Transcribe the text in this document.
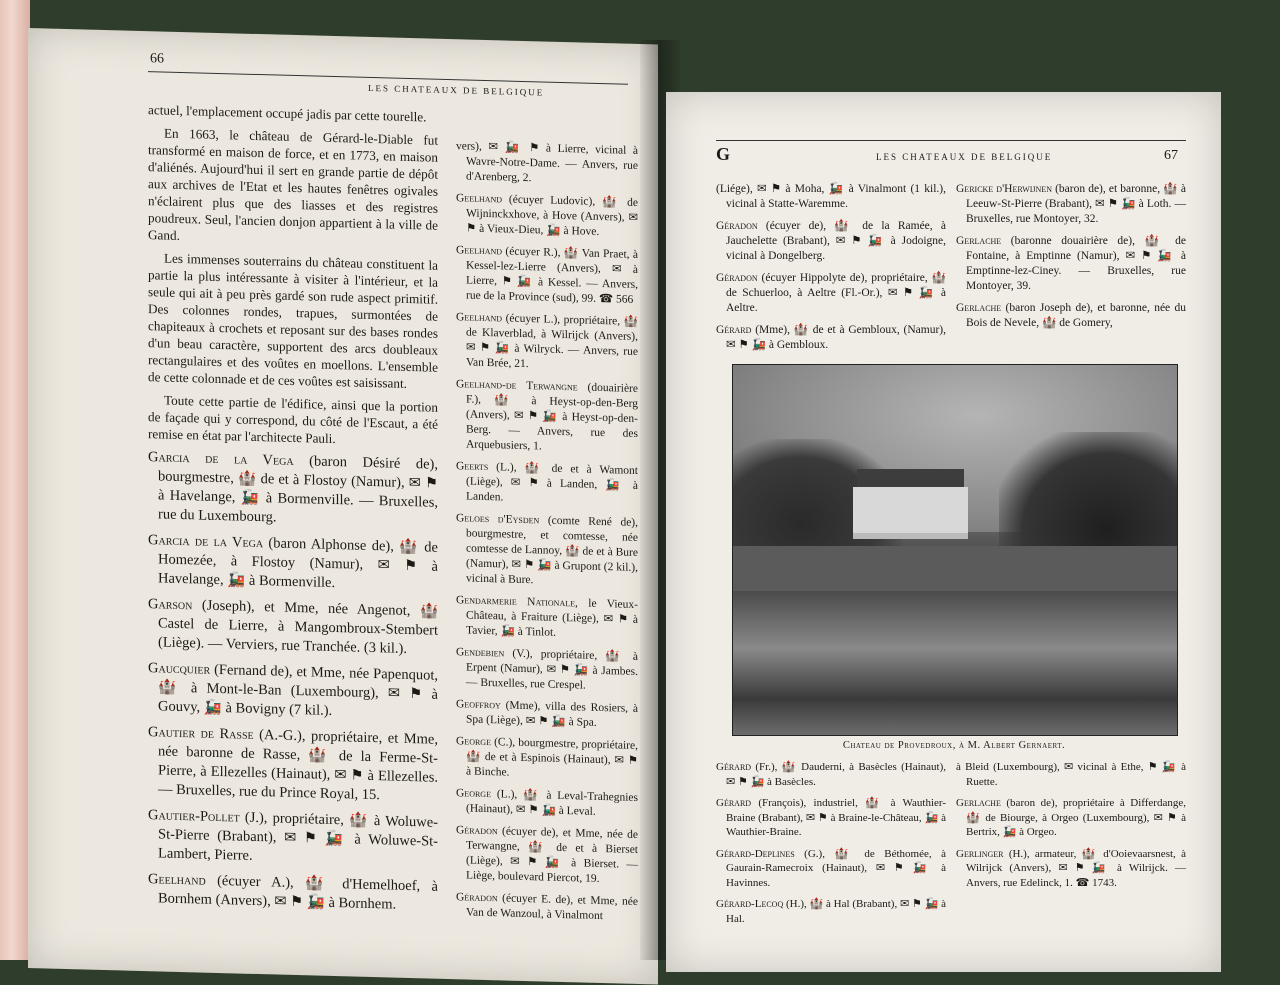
66
LES CHATEAUX DE BELGIQUE

actuel, l'emplacement occupé jadis par cette tourelle.

En 1663, le château de Gérard-le-Diable fut transformé en maison de force, et en 1773, en maison d'aliénés. Aujourd'hui il sert en grande partie de dépôt aux archives de l'Etat et les hautes fenêtres ogivales n'éclairent plus que des liasses et des registres poudreux. Seul, l'ancien donjon appartient à la ville de Gand.

Les immenses souterrains du château constituent la partie la plus intéressante à visiter à l'intérieur, et la seule qui ait à peu près gardé son rude aspect primitif. Des colonnes rondes, trapues, surmontées de chapiteaux à crochets et reposant sur des bases rondes d'un beau caractère, supportent des arcs doubleaux rectangulaires et des voûtes en moellons. L'ensemble de cette colonnade et de ces voûtes est saisissant.

Toute cette partie de l'édifice, ainsi que la portion de façade qui y correspond, du côté de l'Escaut, a été remise en état par l'architecte Pauli.

Garcia de la Vega (baron Désiré de), bourgmestre, 🏰 de et à Flostoy (Namur), ✉ ⚑ à Havelange, 🚂 à Bormenville. — Bruxelles, rue du Luxembourg.

Garcia de la Vega (baron Alphonse de), 🏰 de Homezée, à Flostoy (Namur), ✉ ⚑ à Havelange, 🚂 à Bormenville.

Garson (Joseph), et Mme, née Angenot, 🏰 Castel de Lierre, à Mangombroux-Stembert (Liège). — Verviers, rue Tranchée. (3 kil.).

Gaucquier (Fernand de), et Mme, née Papenquot, 🏰 à Mont-le-Ban (Luxembourg), ✉ ⚑ à Gouvy, 🚂 à Bovigny (7 kil.).

Gautier de Rasse (A.-G.), propriétaire, et Mme, née baronne de Rasse, 🏰 de la Ferme-St-Pierre, à Ellezelles (Hainaut), ✉ ⚑ à Ellezelles. — Bruxelles, rue du Prince Royal, 15.

Gautier-Pollet (J.), propriétaire, 🏰 à Woluwe-St-Pierre (Brabant), ✉ ⚑ 🚂 à Woluwe-St-Lambert, Pierre.

Geelhand (écuyer A.), 🏰 d'Hemelhoef, à Bornhem (Anvers), ✉ ⚑ 🚂 à Bornhem.

vers), ✉ 🚂 ⚑ à Lierre, vicinal à Wavre-Notre-Dame. — Anvers, rue d'Arenberg, 2.

Geelhand (écuyer Ludovic), 🏰 de Wijninckxhove, à Hove (Anvers), ✉ ⚑ à Vieux-Dieu, 🚂 à Hove.

Geelhand (écuyer R.), 🏰 Van Praet, à Kessel-lez-Lierre (Anvers), ✉ à Lierre, ⚑ 🚂 à Kessel. — Anvers, rue de la Province (sud), 99. ☎ 566

Geelhand (écuyer L.), propriétaire, 🏰 de Klaverblad, à Wilrijck (Anvers), ✉ ⚑ 🚂 à Wilryck. — Anvers, rue Van Brée, 21.

Geelhand-de Terwangne (douairière F.), 🏰 à Heyst-op-den-Berg (Anvers), ✉ ⚑ 🚂 à Heyst-op-den-Berg. — Anvers, rue des Arquebusiers, 1.

Geerts (L.), 🏰 de et à Wamont (Liège), ✉ ⚑ à Landen, 🚂 à Landen.

Geloes d'Eysden (comte René de), bourgmestre, et comtesse, née comtesse de Lannoy, 🏰 de et à Bure (Namur), ✉ ⚑ 🚂 à Grupont (2 kil.), vicinal à Bure.

Gendarmerie Nationale, le Vieux-Château, à Fraiture (Liège), ✉ ⚑ à Tavier, 🚂 à Tinlot.

Gendebien (V.), propriétaire, 🏰 à Erpent (Namur), ✉ ⚑ 🚂 à Jambes. — Bruxelles, rue Crespel.

Geoffroy (Mme), villa des Rosiers, à Spa (Liège), ✉ ⚑ 🚂 à Spa.

George (C.), bourgmestre, propriétaire, 🏰 de et à Espinois (Hainaut), ✉ ⚑ à Binche.

George (L.), 🏰 à Leval-Trahegnies (Hainaut), ✉ ⚑ 🚂 à Leval.

Géradon (écuyer de), et Mme, née de Terwangne, 🏰 de et à Bierset (Liège), ✉ ⚑ 🚂 à Bierset. — Liège, boulevard Piercot, 19.

Géradon (écuyer E. de), et Mme, née Van de Wanzoul, à Vinalmont

G	LES CHATEAUX DE BELGIQUE	67

(Liége), ✉ ⚑ à Moha, 🚂 à Vinalmont (1 kil.), vicinal à Statte-Waremme.

Géradon (écuyer de), 🏰 de la Ramée, à Jauchelette (Brabant), ✉ ⚑ 🚂 à Jodoigne, vicinal à Dongelberg.

Géradon (écuyer Hippolyte de), propriétaire, 🏰 de Schuerloo, à Aeltre (Fl.-Or.), ✉ ⚑ 🚂 à Aeltre.

Gérard (Mme), 🏰 de et à Gembloux, (Namur), ✉ ⚑ 🚂 à Gembloux.

Gericke d'Herwijnen (baron de), et baronne, 🏰 à Leeuw-St-Pierre (Brabant), ✉ ⚑ 🚂 à Loth. — Bruxelles, rue Montoyer, 32.

Gerlache (baronne douairière de), 🏰 de Fontaine, à Emptinne (Namur), ✉ ⚑ 🚂 à Emptinne-lez-Ciney. — Bruxelles, rue Montoyer, 39.

Gerlache (baron Joseph de), et baronne, née du Bois de Nevele, 🏰 de Gomery,

Chateau de Provedroux, à M. Albert Gernaert.

Gérard (Fr.), 🏰 Dauderni, à Basècles (Hainaut), ✉ ⚑ 🚂 à Basècles.

Gérard (François), industriel, 🏰 à Wauthier-Braine (Brabant), ✉ ⚑ à Braine-le-Château, 🚂 à Wauthier-Braine.

Gérard-Deplines (G.), 🏰 de Béthomée, à Gaurain-Ramecroix (Hainaut), ✉ ⚑ 🚂 à Havinnes.

Gérard-Lecoq (H.), 🏰 à Hal (Brabant), ✉ ⚑ 🚂 à Hal.

à Bleid (Luxembourg), ✉ vicinal à Ethe, ⚑ 🚂 à Ruette.

Gerlache (baron de), propriétaire à Differdange, 🏰 de Biourge, à Orgeo (Luxembourg), ✉ ⚑ à Bertrix, 🚂 à Orgeo.

Gerlinger (H.), armateur, 🏰 d'Ooievaarsnest, à Wilrijck (Anvers), ✉ ⚑ 🚂 à Wilrijck. — Anvers, rue Edelinck, 1. ☎ 1743.
